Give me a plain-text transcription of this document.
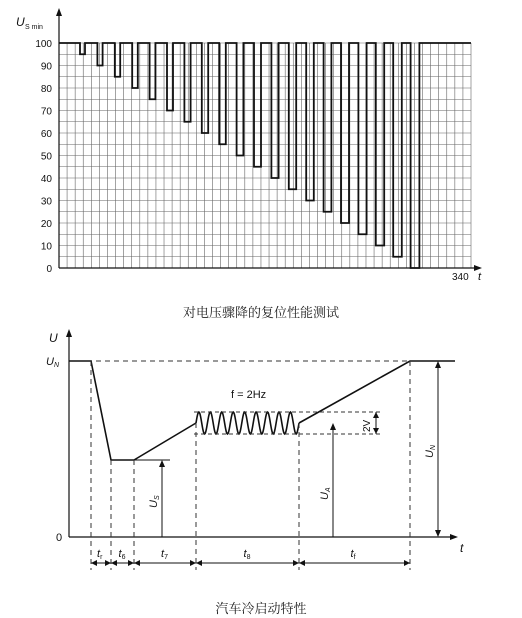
100
90
80
70
60
50
40
30
20
10
0
U S min
340 t
对电压骤降的复位性能测试
2V
f = 2Hz
US	UA
UN
U
UN
0
t
tr t6	t7	t8	tf
汽车冷启动特性
